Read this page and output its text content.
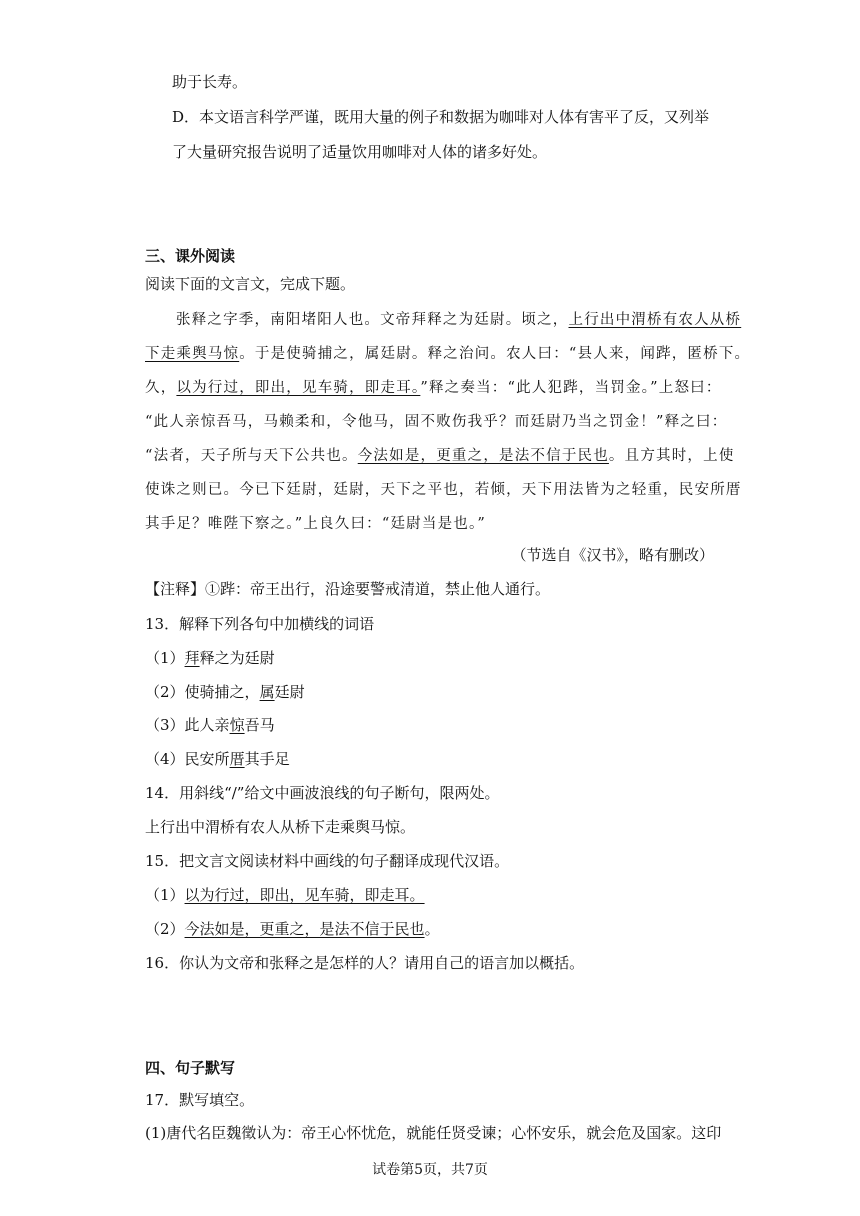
助于长寿。
D．本文语言科学严谨，既用大量的例子和数据为咖啡对人体有害平了反，又列举
了大量研究报告说明了适量饮用咖啡对人体的诸多好处。
三、课外阅读
阅读下面的文言文，完成下题。
张释之字季，南阳堵阳人也。文帝拜释之为廷尉。顷之，上行出中渭桥有农人从桥
下走乘舆马惊。于是使骑捕之，属廷尉。释之治问。农人曰：“县人来，闻跸，匿桥下。
久，以为行过，即出，见车骑，即走耳。”释之奏当：“此人犯跸，当罚金。”上怒曰：
“此人亲惊吾马，马赖柔和，令他马，固不败伤我乎？而廷尉乃当之罚金！”释之曰：
“法者，天子所与天下公共也。今法如是，更重之，是法不信于民也。且方其时，上使
使诛之则已。今已下廷尉，廷尉，天下之平也，若倾，天下用法皆为之轻重，民安所厝
其手足？唯陛下察之。”上良久曰：“廷尉当是也。”
（节选自《汉书》，略有删改）
【注释】①跸：帝王出行，沿途要警戒清道，禁止他人通行。
13．解释下列各句中加横线的词语
（1）拜释之为廷尉
（2）使骑捕之，属廷尉
（3）此人亲惊吾马
（4）民安所厝其手足
14．用斜线“/”给文中画波浪线的句子断句，限两处。
上行出中渭桥有农人从桥下走乘舆马惊。
15．把文言文阅读材料中画线的句子翻译成现代汉语。
（1）以为行过，即出，见车骑，即走耳。
（2）今法如是，更重之，是法不信于民也。
16．你认为文帝和张释之是怎样的人？请用自己的语言加以概括。
四、句子默写
17．默写填空。
(1)唐代名臣魏徵认为：帝王心怀忧危，就能任贤受谏；心怀安乐，就会危及国家。这印
试卷第5页，共7页
